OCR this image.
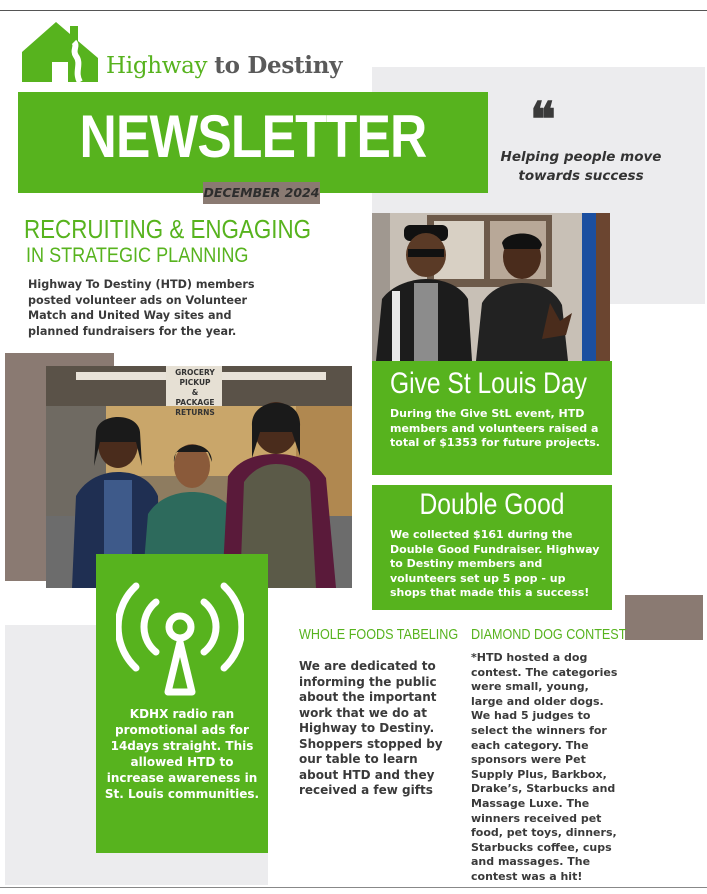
Highway to Destiny
NEWSLETTER
DECEMBER 2024
❝
Helping people move towards success
RECRUITING & ENGAGING
IN STRATEGIC PLANNING
Highway To Destiny (HTD) members posted volunteer ads on Volunteer Match and United Way sites and planned fundraisers for the year.
GROCERY
PICKUP
&
PACKAGE
RETURNS
Give St Louis Day
During the Give StL event, HTD members and volunteers raised a total of $1353 for future projects.
Double Good
We collected $161 during the Double Good Fundraiser. Highway to Destiny members and volunteers set up 5 pop - up shops that made this a success!
KDHX radio ran promotional ads for 14days straight. This allowed HTD to increase awareness in St. Louis communities.
WHOLE FOODS TABELING
We are dedicated to informing the public about the important work that we do at Highway to Destiny. Shoppers stopped by our table to learn about HTD and they received a few gifts
DIAMOND DOG CONTEST
*HTD hosted a dog contest. The categories were small, young, large and older dogs.
We had 5 judges to select the winners for each category. The sponsors were Pet Supply Plus, Barkbox, Drake’s, Starbucks and Massage Luxe. The winners received pet food, pet toys, dinners, Starbucks coffee, cups and massages. The contest was a hit!
